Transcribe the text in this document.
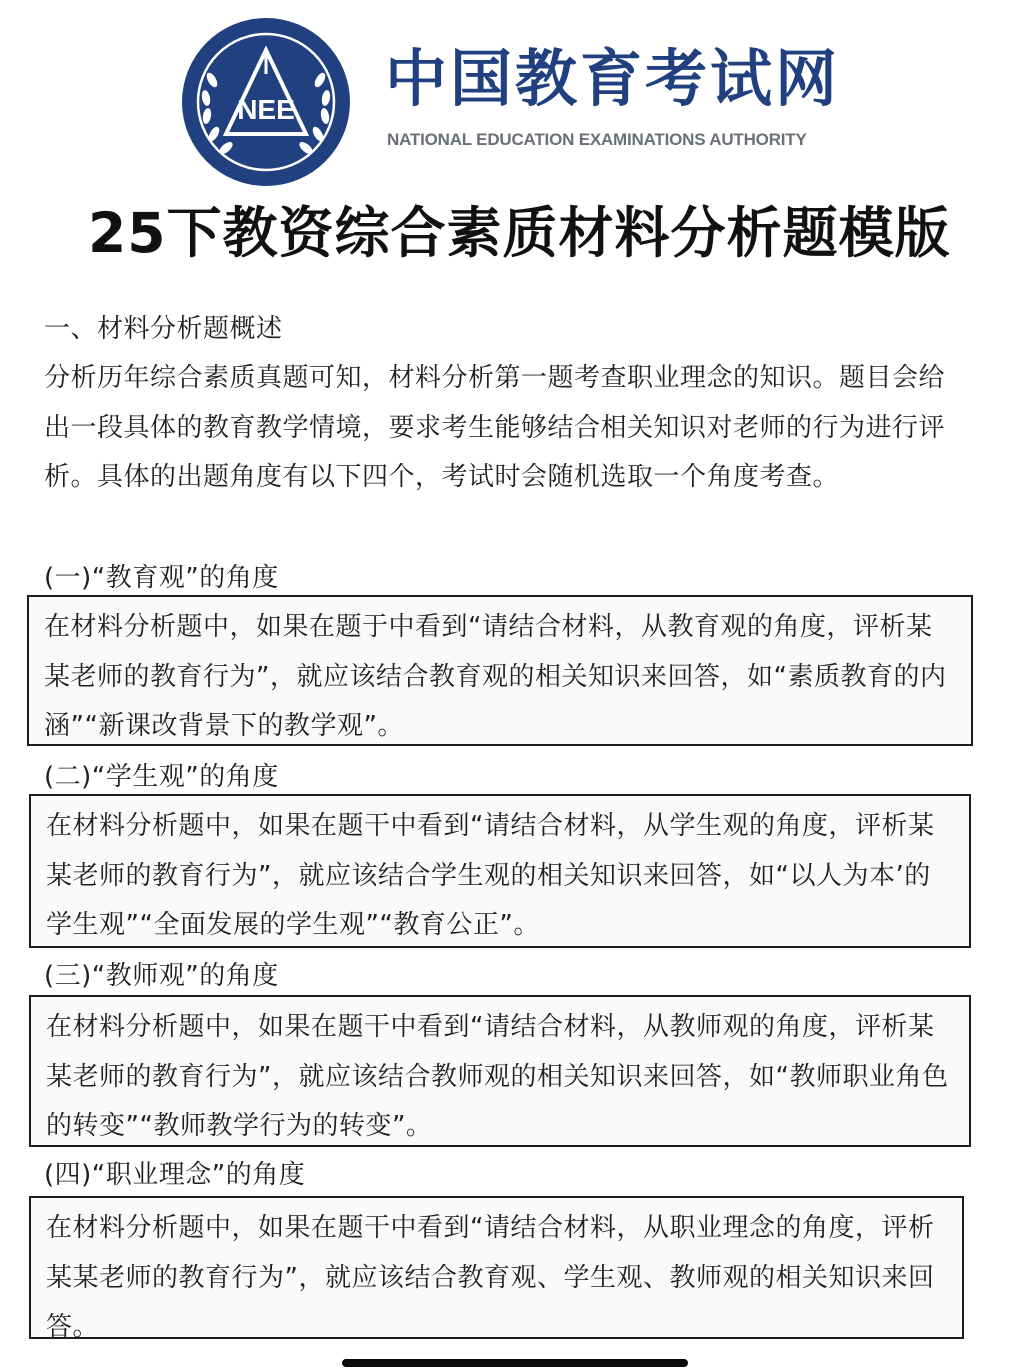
NEE 中国教育考试网
NATIONAL EDUCATION EXAMINATIONS AUTHORITY
25下教资综合素质材料分析题模版
一、材料分析题概述
分析历年综合素质真题可知，材料分析第一题考查职业理念的知识。题目会给出一段具体的教育教学情境，要求考生能够结合相关知识对老师的行为进行评析。具体的出题角度有以下四个，考试时会随机选取一个角度考查。
(一)“教育观”的角度
在材料分析题中，如果在题于中看到“请结合材料，从教育观的角度，评析某某老师的教育行为”，就应该结合教育观的相关知识来回答，如“素质教育的内涵”“新课改背景下的教学观”。
(二)“学生观”的角度
在材料分析题中，如果在题干中看到“请结合材料，从学生观的角度，评析某某老师的教育行为”，就应该结合学生观的相关知识来回答，如“以人为本’的学生观”“全面发展的学生观”“教育公正”。
(三)“教师观”的角度
在材料分析题中，如果在题干中看到“请结合材料，从教师观的角度，评析某某老师的教育行为”，就应该结合教师观的相关知识来回答，如“教师职业角色的转变”“教师教学行为的转变”。
(四)“职业理念”的角度
在材料分析题中，如果在题干中看到“请结合材料，从职业理念的角度，评析某某老师的教育行为”，就应该结合教育观、学生观、教师观的相关知识来回答。
